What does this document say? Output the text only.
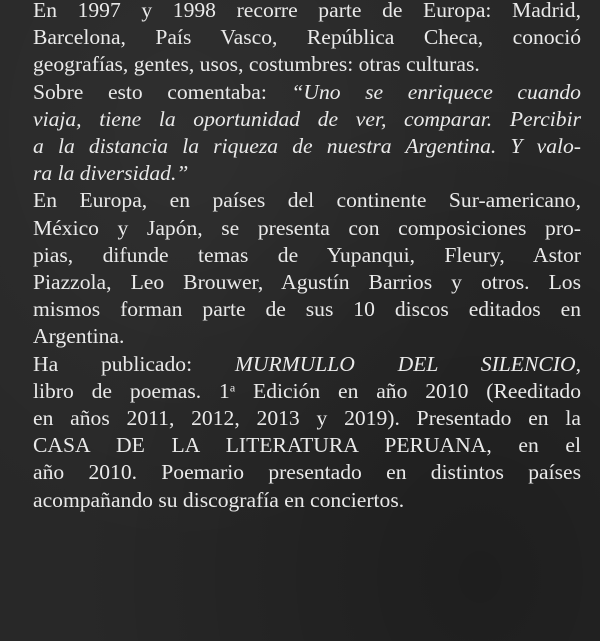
En 1997 y 1998 recorre parte de Europa: Madrid,
Barcelona, País Vasco, República Checa, conoció
geografías, gentes, usos, costumbres: otras culturas.
Sobre esto comentaba: “Uno se enriquece cuando
viaja, tiene la oportunidad de ver, comparar. Percibir
a la distancia la riqueza de nuestra Argentina. Y valo-
ra la diversidad.”
En Europa, en países del continente Sur-americano,
México y Japón, se presenta con composiciones pro-
pias, difunde temas de Yupanqui, Fleury, Astor
Piazzola, Leo Brouwer, Agustín Barrios y otros. Los
mismos forman parte de sus 10 discos editados en
Argentina.
Ha publicado: MURMULLO DEL SILENCIO,
libro de poemas. 1$^a$ Edición en año 2010 (Reeditado
en años 2011, 2012, 2013 y 2019). Presentado en la
CASA DE LA LITERATURA PERUANA, en el
año 2010. Poemario presentado en distintos países
acompañando su discografía en conciertos.
